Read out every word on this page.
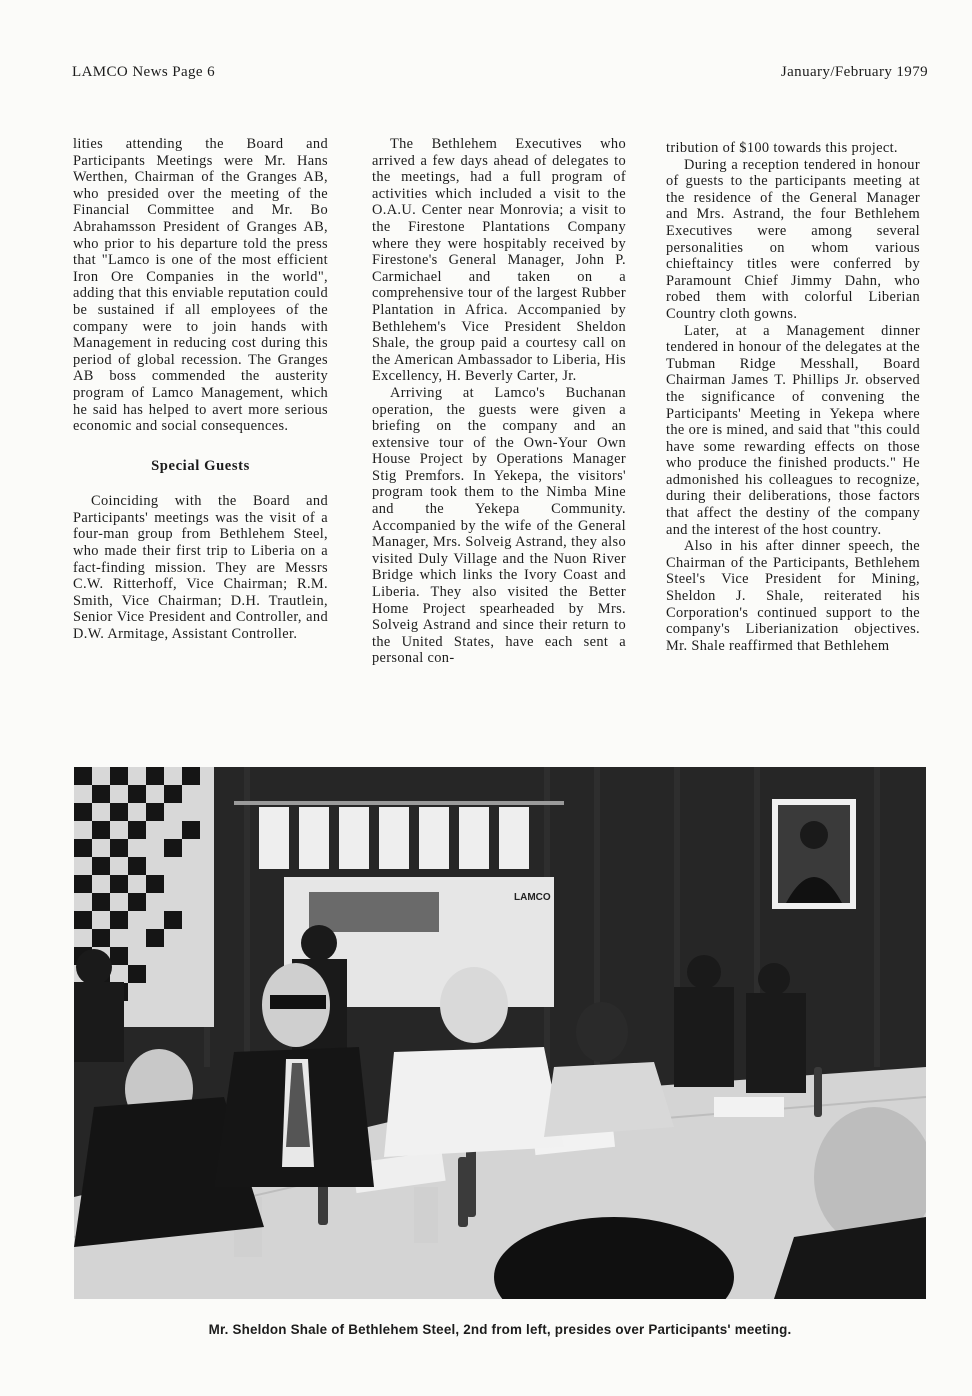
LAMCO News Page 6	January/February 1979

lities attending the Board and Participants Meetings were Mr. Hans Werthen, Chairman of the Granges AB, who presided over the meeting of the Financial Committee and Mr. Bo Abrahamsson President of Granges AB, who prior to his departure told the press that "Lamco is one of the most efficient Iron Ore Companies in the world", adding that this enviable reputation could be sustained if all employees of the company were to join hands with Management in reducing cost during this period of global recession. The Granges AB boss commended the austerity program of Lamco Management, which he said has helped to avert more serious economic and social consequences.

Special Guests

Coinciding with the Board and Participants' meetings was the visit of a four-man group from Bethlehem Steel, who made their first trip to Liberia on a fact-finding mission. They are Messrs C.W. Ritterhoff, Vice Chairman; R.M. Smith, Vice Chairman; D.H. Trautlein, Senior Vice President and Controller, and D.W. Armitage, Assistant Controller.

The Bethlehem Executives who arrived a few days ahead of delegates to the meetings, had a full program of activities which included a visit to the O.A.U. Center near Monrovia; a visit to the Firestone Plantations Company where they were hospitably received by Firestone's General Manager, John P. Carmichael and taken on a comprehensive tour of the largest Rubber Plantation in Africa. Accompanied by Bethlehem's Vice President Sheldon Shale, the group paid a courtesy call on the American Ambassador to Liberia, His Excellency, H. Beverly Carter, Jr.

Arriving at Lamco's Buchanan operation, the guests were given a briefing on the company and an extensive tour of the Own-Your Own House Project by Operations Manager Stig Premfors. In Yekepa, the visitors' program took them to the Nimba Mine and the Yekepa Community. Accompanied by the wife of the General Manager, Mrs. Solveig Astrand, they also visited Duly Village and the Nuon River Bridge which links the Ivory Coast and Liberia. They also visited the Better Home Project spearheaded by Mrs. Solveig Astrand and since their return to the United States, have each sent a personal con-

tribution of $100 towards this project.

During a reception tendered in honour of guests to the participants meeting at the residence of the General Manager and Mrs. Astrand, the four Bethlehem Executives were among several personalities on whom various chieftaincy titles were conferred by Paramount Chief Jimmy Dahn, who robed them with colorful Liberian Country cloth gowns.

Later, at a Management dinner tendered in honour of the delegates at the Tubman Ridge Messhall, Board Chairman James T. Phillips Jr. observed the significance of convening the Participants' Meeting in Yekepa where the ore is mined, and said that "this could have some rewarding effects on those who produce the finished products." He admonished his colleagues to recognize, during their deliberations, those factors that affect the destiny of the company and the interest of the host country.

Also in his after dinner speech, the Chairman of the Participants, Bethlehem Steel's Vice President for Mining, Sheldon J. Shale, reiterated his Corporation's continued support to the company's Liberianization objectives. Mr. Shale reaffirmed that Bethlehem

LAMCO
Mr. Sheldon Shale of Bethlehem Steel, 2nd from left, presides over Participants' meeting.
